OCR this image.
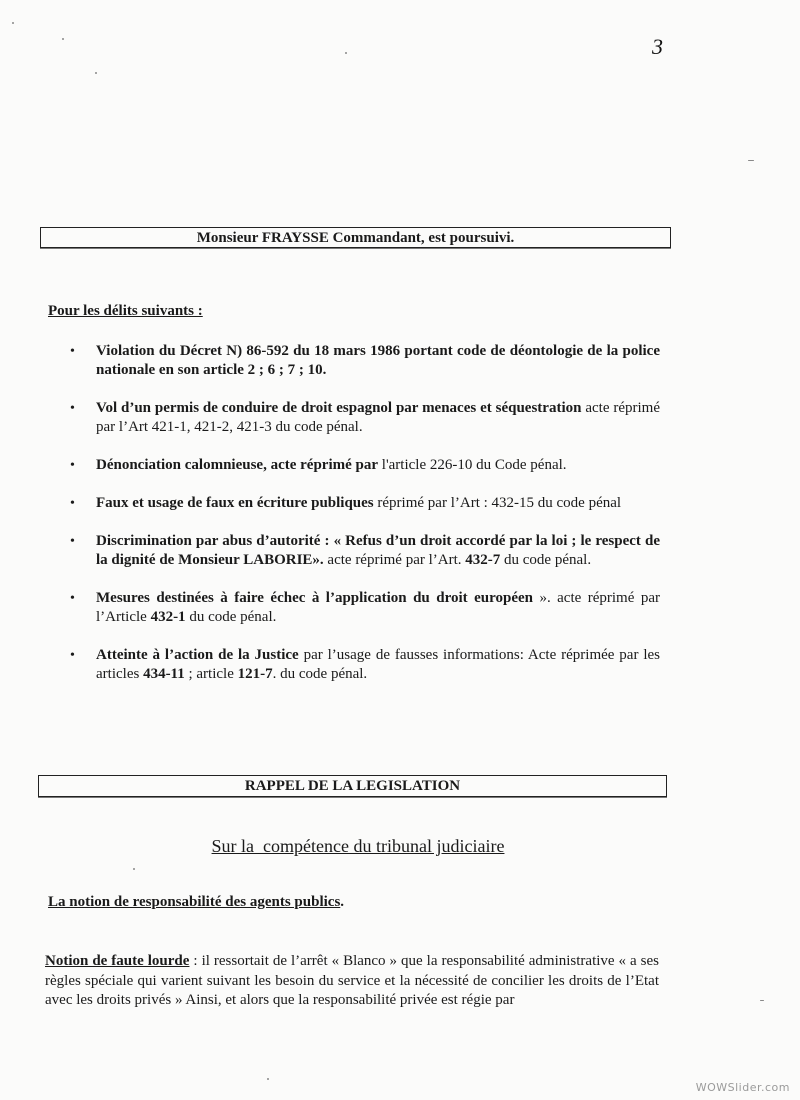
3
Monsieur FRAYSSE Commandant, est poursuivi.
Pour les délits suivants :
• Violation du Décret N) 86-592 du 18 mars 1986 portant code de déontologie de la police nationale en son article 2 ; 6 ; 7 ; 10.
• Vol d’un permis de conduire de droit espagnol par menaces et séquestration acte réprimé par l’Art 421-1, 421-2, 421-3 du code pénal.
• Dénonciation calomnieuse, acte réprimé par l'article 226-10 du Code pénal.
• Faux et usage de faux en écriture publiques réprimé par l’Art : 432-15 du code pénal
• Discrimination par abus d’autorité : « Refus d’un droit accordé par la loi ; le respect de la dignité de Monsieur LABORIE». acte réprimé par l’Art. 432-7 du code pénal.
• Mesures destinées à faire échec à l’application du droit européen ». acte réprimé par l’Article 432-1 du code pénal.
• Atteinte à l’action de la Justice par l’usage de fausses informations: Acte réprimée par les articles 434-11 ; article 121-7. du code pénal.
RAPPEL DE LA LEGISLATION
Sur la  compétence du tribunal judiciaire
La notion de responsabilité des agents publics.
Notion de faute lourde : il ressortait de l’arrêt « Blanco » que la responsabilité administrative « a ses règles spéciale qui varient suivant les besoin du service et la nécessité de concilier les droits de l’Etat avec les droits privés » Ainsi, et alors que la responsabilité privée est régie par
WOWSlider.com
